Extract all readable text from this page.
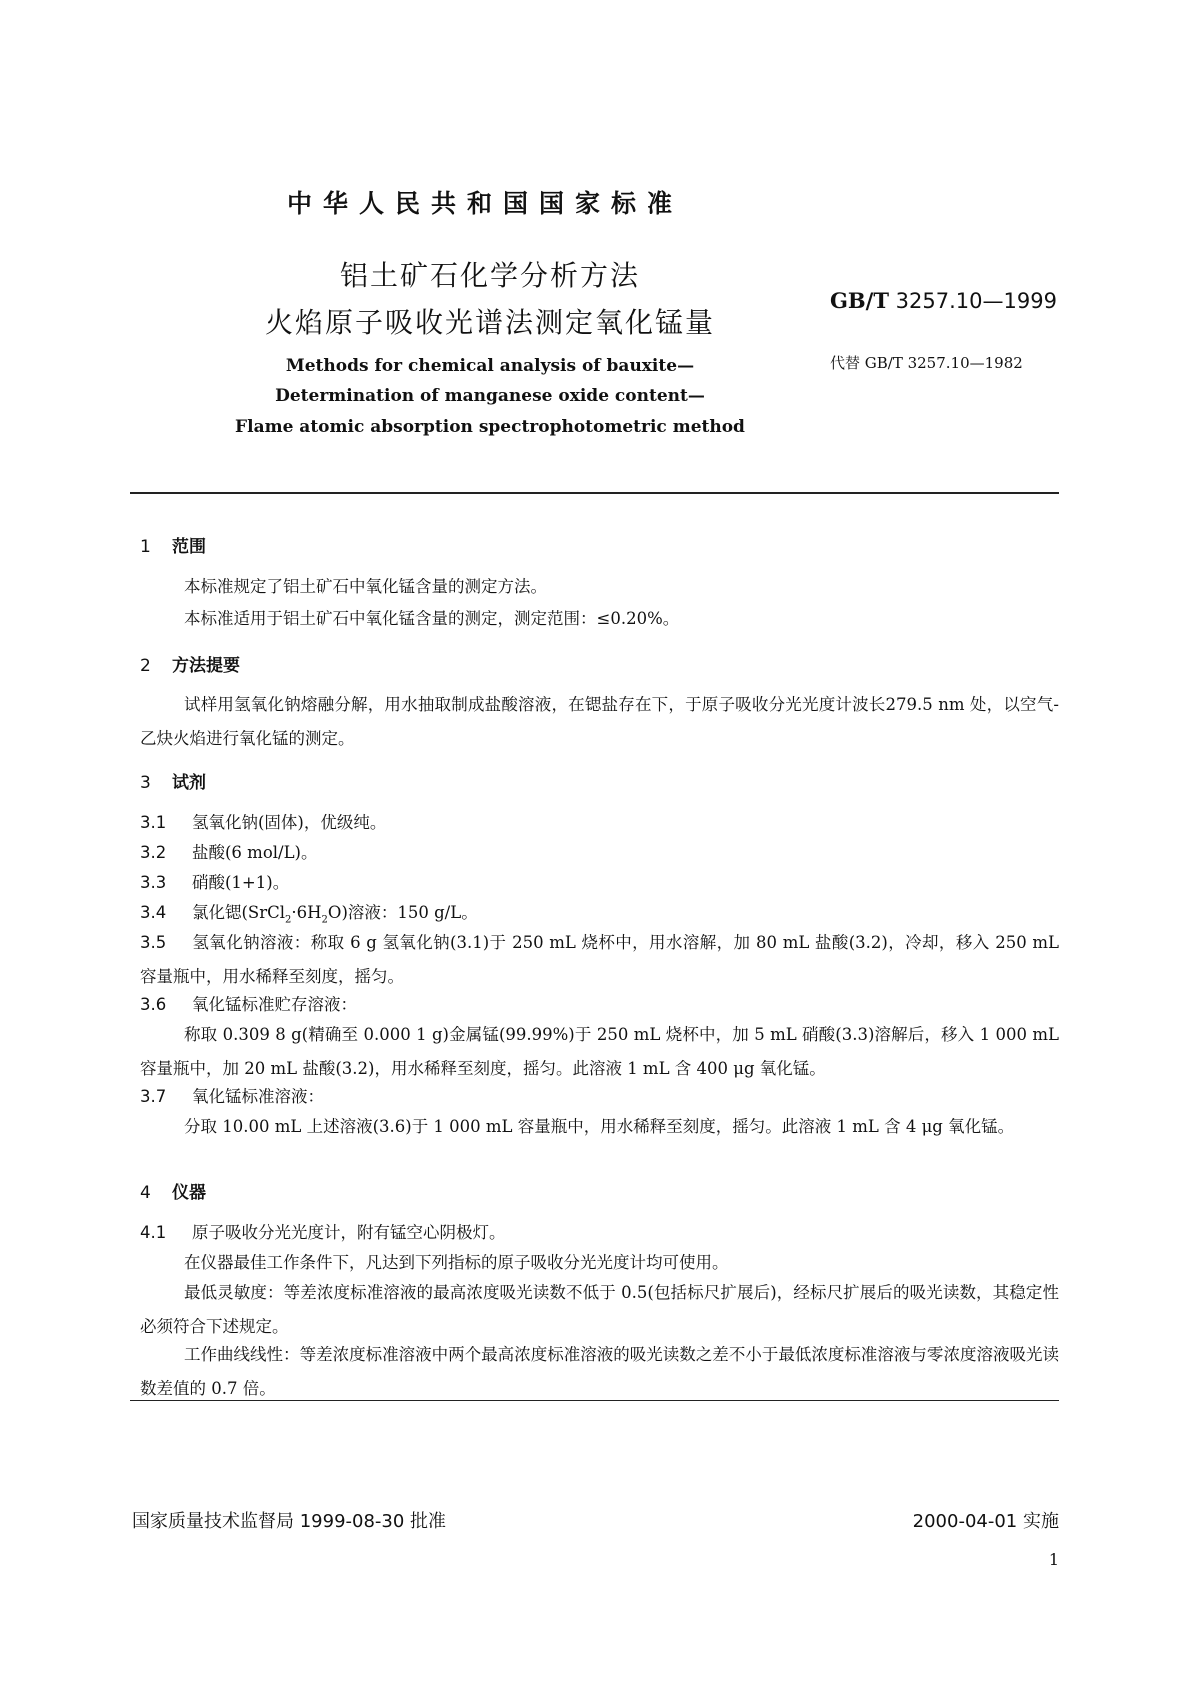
中华人民共和国国家标准
铝土矿石化学分析方法
火焰原子吸收光谱法测定氧化锰量
GB/T 3257.10—1999
代替 GB/T 3257.10—1982
Methods for chemical analysis of bauxite—
Determination of manganese oxide content—
Flame atomic absorption spectrophotometric method
1 范围
本标准规定了铝土矿石中氧化锰含量的测定方法。
本标准适用于铝土矿石中氧化锰含量的测定，测定范围：≤0.20%。
2 方法提要
试样用氢氧化钠熔融分解，用水抽取制成盐酸溶液，在锶盐存在下，于原子吸收分光光度计波长279.5 nm 处，以空气-乙炔火焰进行氧化锰的测定。
3 试剂
3.1 氢氧化钠(固体)，优级纯。
3.2 盐酸(6 mol/L)。
3.3 硝酸(1+1)。
3.4 氯化锶$(SrCl_2\cdot 6H_2O)$溶液：150 g/L。
3.5 氢氧化钠溶液：称取 6 g 氢氧化钠(3.1)于 250 mL 烧杯中，用水溶解，加 80 mL 盐酸(3.2)，冷却，移入 250 mL 容量瓶中，用水稀释至刻度，摇匀。
3.6 氧化锰标准贮存溶液：
称取 0.309 8 g(精确至 0.000 1 g)金属锰(99.99%)于 250 mL 烧杯中，加 5 mL 硝酸(3.3)溶解后，移入 1 000 mL 容量瓶中，加 20 mL 盐酸(3.2)，用水稀释至刻度，摇匀。此溶液 1 mL 含 400 μg 氧化锰。
3.7 氧化锰标准溶液：
分取 10.00 mL 上述溶液(3.6)于 1 000 mL 容量瓶中，用水稀释至刻度，摇匀。此溶液 1 mL 含 4 μg 氧化锰。
4 仪器
4.1 原子吸收分光光度计，附有锰空心阴极灯。
在仪器最佳工作条件下，凡达到下列指标的原子吸收分光光度计均可使用。
最低灵敏度：等差浓度标准溶液的最高浓度吸光读数不低于 0.5(包括标尺扩展后)，经标尺扩展后的吸光读数，其稳定性必须符合下述规定。
工作曲线线性：等差浓度标准溶液中两个最高浓度标准溶液的吸光读数之差不小于最低浓度标准溶液与零浓度溶液吸光读数差值的 0.7 倍。
国家质量技术监督局 1999-08-30 批准	2000-04-01 实施
1
